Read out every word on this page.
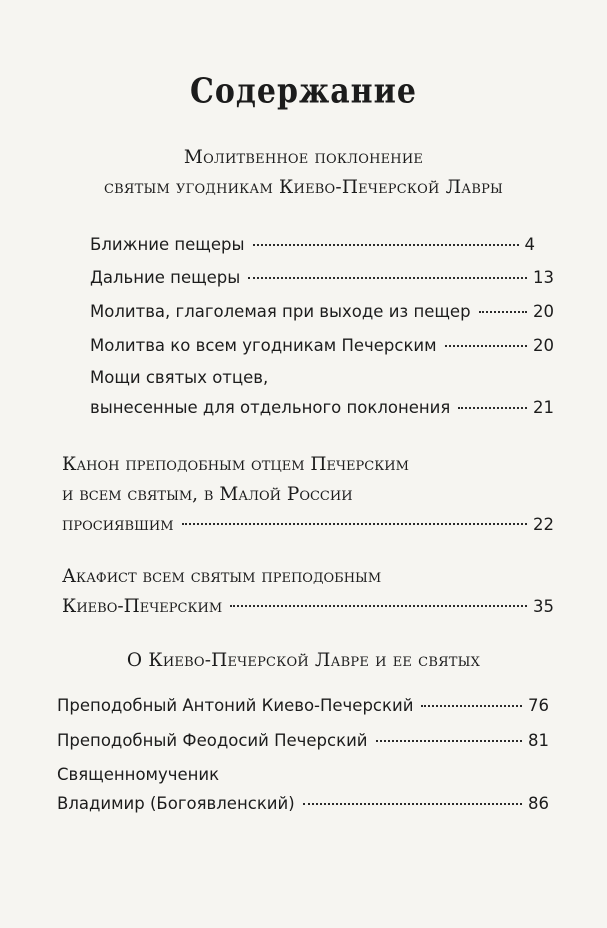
Содержание
Молитвенное поклонение
святым угодникам Киево-Печерской Лавры
Ближние пещеры	4
Дальние пещеры	13
Молитва, глаголемая при выходе из пещер	20
Молитва ко всем угодникам Печерским	20
Мощи святых отцев,
вынесенные для отдельного поклонения	21
Канон преподобным отцем Печерским
и всем святым, в Малой России
просиявшим	22
Акафист всем святым преподобным
Киево-Печерским	35
О Киево-Печерской Лавре и ее святых
Преподобный Антоний Киево-Печерский	76
Преподобный Феодосий Печерский	81
Священномученик
Владимир (Богоявленский)	86
